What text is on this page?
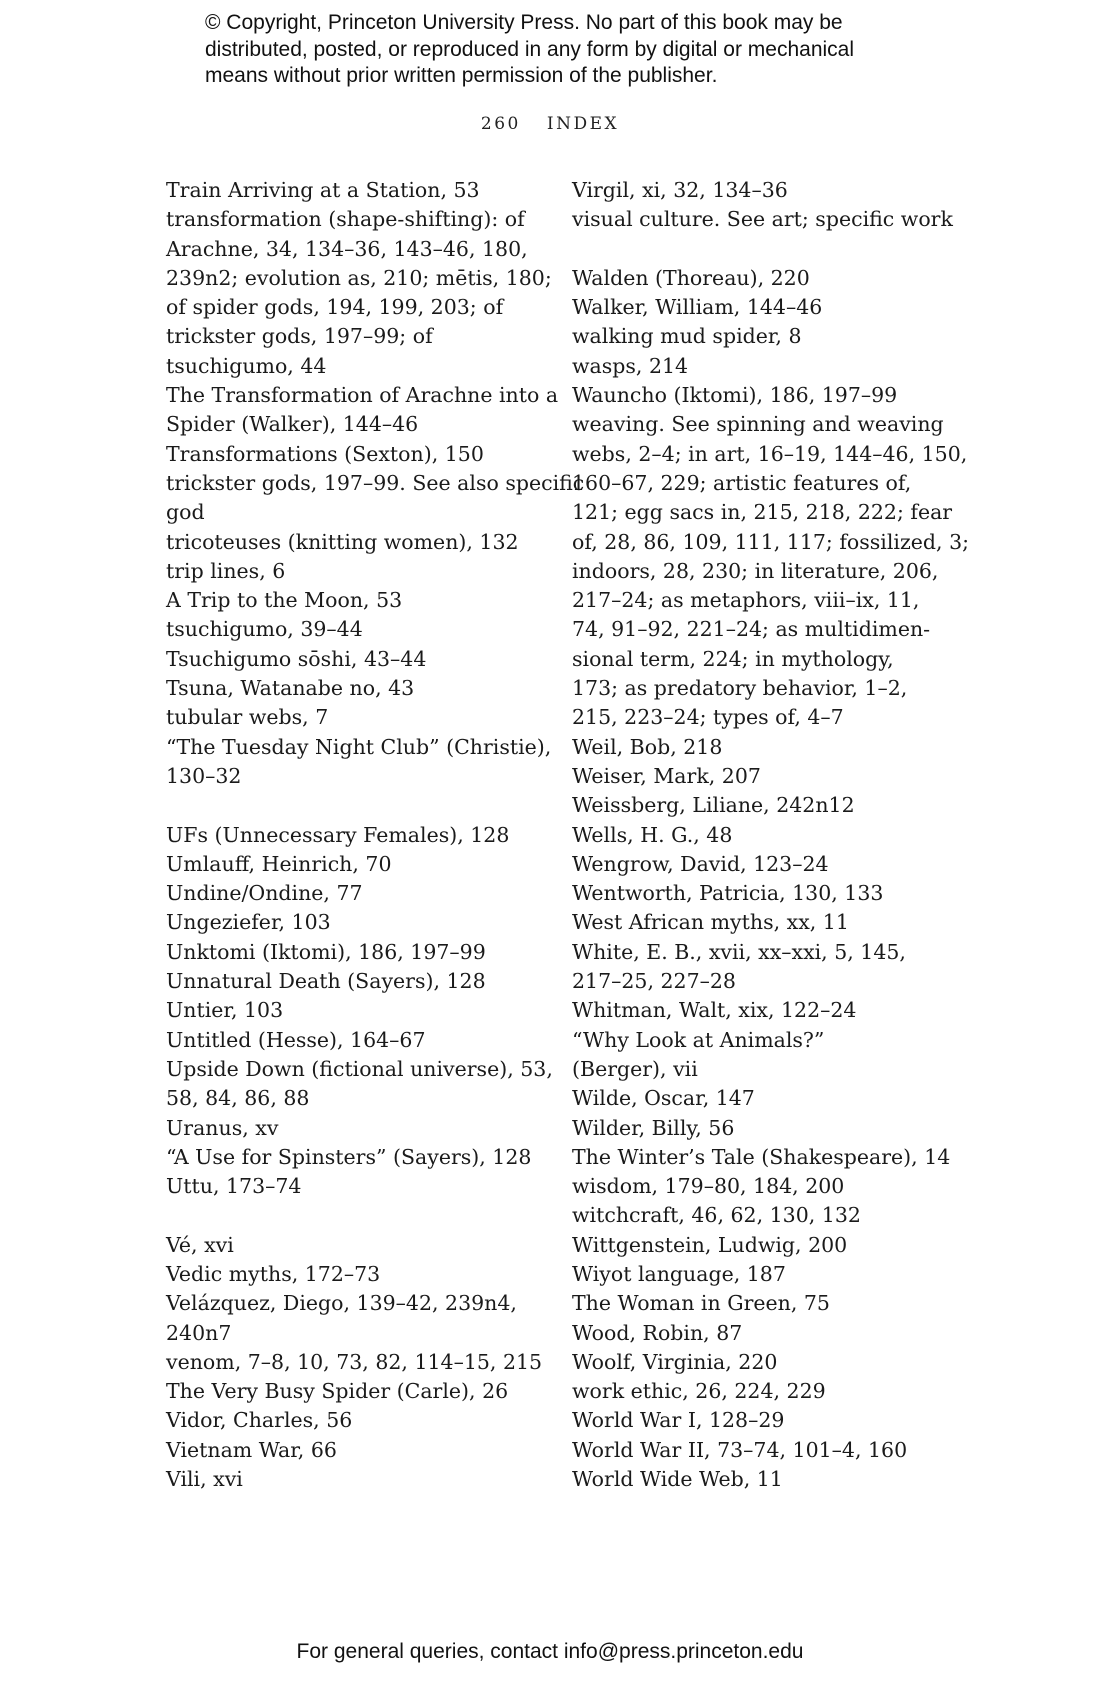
© Copyright, Princeton University Press. No part of this book may be
distributed, posted, or reproduced in any form by digital or mechanical
means without prior written permission of the publisher.
260 INDEX
Train Arriving at a Station, 53
transformation (shape-shifting): of
Arachne, 34, 134–36, 143–46, 180,
239n2; evolution as, 210; mētis, 180;
of spider gods, 194, 199, 203; of
trickster gods, 197–99; of
tsuchigumo, 44
The Transformation of Arachne into a
Spider (Walker), 144–46
Transformations (Sexton), 150
trickster gods, 197–99. See also specific
god
tricoteuses (knitting women), 132
trip lines, 6
A Trip to the Moon, 53
tsuchigumo, 39–44
Tsuchigumo sōshi, 43–44
Tsuna, Watanabe no, 43
tubular webs, 7
“The Tuesday Night Club” (Christie),
130–32
UFs (Unnecessary Females), 128
Umlauff, Heinrich, 70
Undine/Ondine, 77
Ungeziefer, 103
Unktomi (Iktomi), 186, 197–99
Unnatural Death (Sayers), 128
Untier, 103
Untitled (Hesse), 164–67
Upside Down (fictional universe), 53,
58, 84, 86, 88
Uranus, xv
“A Use for Spinsters” (Sayers), 128
Uttu, 173–74
Vé, xvi
Vedic myths, 172–73
Velázquez, Diego, 139–42, 239n4,
240n7
venom, 7–8, 10, 73, 82, 114–15, 215
The Very Busy Spider (Carle), 26
Vidor, Charles, 56
Vietnam War, 66
Vili, xvi
Virgil, xi, 32, 134–36
visual culture. See art; specific work
Walden (Thoreau), 220
Walker, William, 144–46
walking mud spider, 8
wasps, 214
Wauncho (Iktomi), 186, 197–99
weaving. See spinning and weaving
webs, 2–4; in art, 16–19, 144–46, 150,
160–67, 229; artistic features of,
121; egg sacs in, 215, 218, 222; fear
of, 28, 86, 109, 111, 117; fossilized, 3;
indoors, 28, 230; in literature, 206,
217–24; as metaphors, viii–ix, 11,
74, 91–92, 221–24; as multidimen-
sional term, 224; in mythology,
173; as predatory behavior, 1–2,
215, 223–24; types of, 4–7
Weil, Bob, 218
Weiser, Mark, 207
Weissberg, Liliane, 242n12
Wells, H. G., 48
Wengrow, David, 123–24
Wentworth, Patricia, 130, 133
West African myths, xx, 11
White, E. B., xvii, xx–xxi, 5, 145,
217–25, 227–28
Whitman, Walt, xix, 122–24
“Why Look at Animals?”
(Berger), vii
Wilde, Oscar, 147
Wilder, Billy, 56
The Winter’s Tale (Shakespeare), 14
wisdom, 179–80, 184, 200
witchcraft, 46, 62, 130, 132
Wittgenstein, Ludwig, 200
Wiyot language, 187
The Woman in Green, 75
Wood, Robin, 87
Woolf, Virginia, 220
work ethic, 26, 224, 229
World War I, 128–29
World War II, 73–74, 101–4, 160
World Wide Web, 11
For general queries, contact info@press.princeton.edu
